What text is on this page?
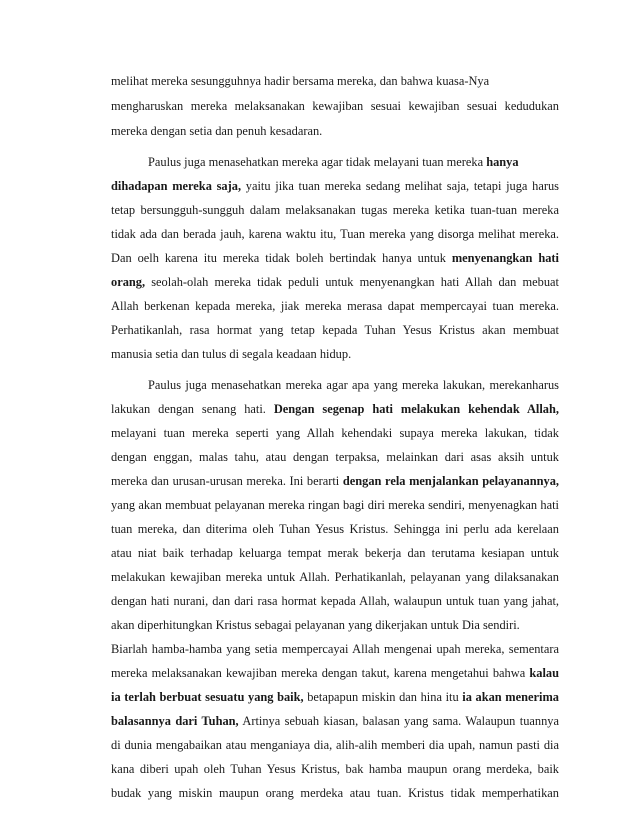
melihat mereka sesungguhnya hadir bersama mereka, dan bahwa kuasa-Nya
mengharuskan mereka melaksanakan kewajiban sesuai kewajiban sesuai kedudukan
mereka dengan setia dan penuh kesadaran.
Paulus juga menasehatkan mereka agar tidak melayani tuan mereka hanya
dihadapan mereka saja, yaitu jika tuan mereka sedang melihat saja, tetapi juga harus
tetap bersungguh-sungguh dalam melaksanakan tugas mereka ketika tuan-tuan mereka
tidak ada dan berada jauh, karena waktu itu, Tuan mereka yang disorga melihat mereka.
Dan oelh karena itu mereka tidak boleh bertindak hanya untuk menyenangkan hati
orang, seolah-olah mereka tidak peduli untuk menyenangkan hati Allah dan mebuat
Allah berkenan kepada mereka, jiak mereka merasa dapat mempercayai tuan mereka.
Perhatikanlah, rasa hormat yang tetap kepada Tuhan Yesus Kristus akan membuat
manusia setia dan tulus di segala keadaan hidup.
Paulus juga menasehatkan mereka agar apa yang mereka lakukan, merekanharus
lakukan dengan senang hati. Dengan segenap hati melakukan kehendak Allah,
melayani tuan mereka seperti yang Allah kehendaki supaya mereka lakukan, tidak
dengan enggan, malas tahu, atau dengan terpaksa, melainkan dari asas aksih untuk
mereka dan urusan-urusan mereka. Ini berarti dengan rela menjalankan pelayanannya,
yang akan membuat pelayanan mereka ringan bagi diri mereka sendiri, menyenagkan hati
tuan mereka, dan diterima oleh Tuhan Yesus Kristus. Sehingga ini perlu ada kerelaan
atau niat baik terhadap keluarga tempat merak bekerja dan terutama kesiapan untuk
melakukan kewajiban mereka untuk Allah. Perhatikanlah, pelayanan yang dilaksanakan
dengan hati nurani, dan dari rasa hormat kepada Allah, walaupun untuk tuan yang jahat,
akan diperhitungkan Kristus sebagai pelayanan yang dikerjakan untuk Dia sendiri.
Biarlah hamba-hamba yang setia mempercayai Allah mengenai upah mereka, sementara
mereka melaksanakan kewajiban mereka dengan takut, karena mengetahui bahwa kalau
ia terlah berbuat sesuatu yang baik, betapapun miskin dan hina itu ia akan menerima
balasannya dari Tuhan, Artinya sebuah kiasan, balasan yang sama. Walaupun tuannya
di dunia mengabaikan atau menganiaya dia, alih-alih memberi dia upah, namun pasti dia
kana diberi upah oleh Tuhan Yesus Kristus, bak hamba maupun orang merdeka, baik
budak yang miskin maupun orang merdeka atau tuan. Kristus tidak memperhatikan
